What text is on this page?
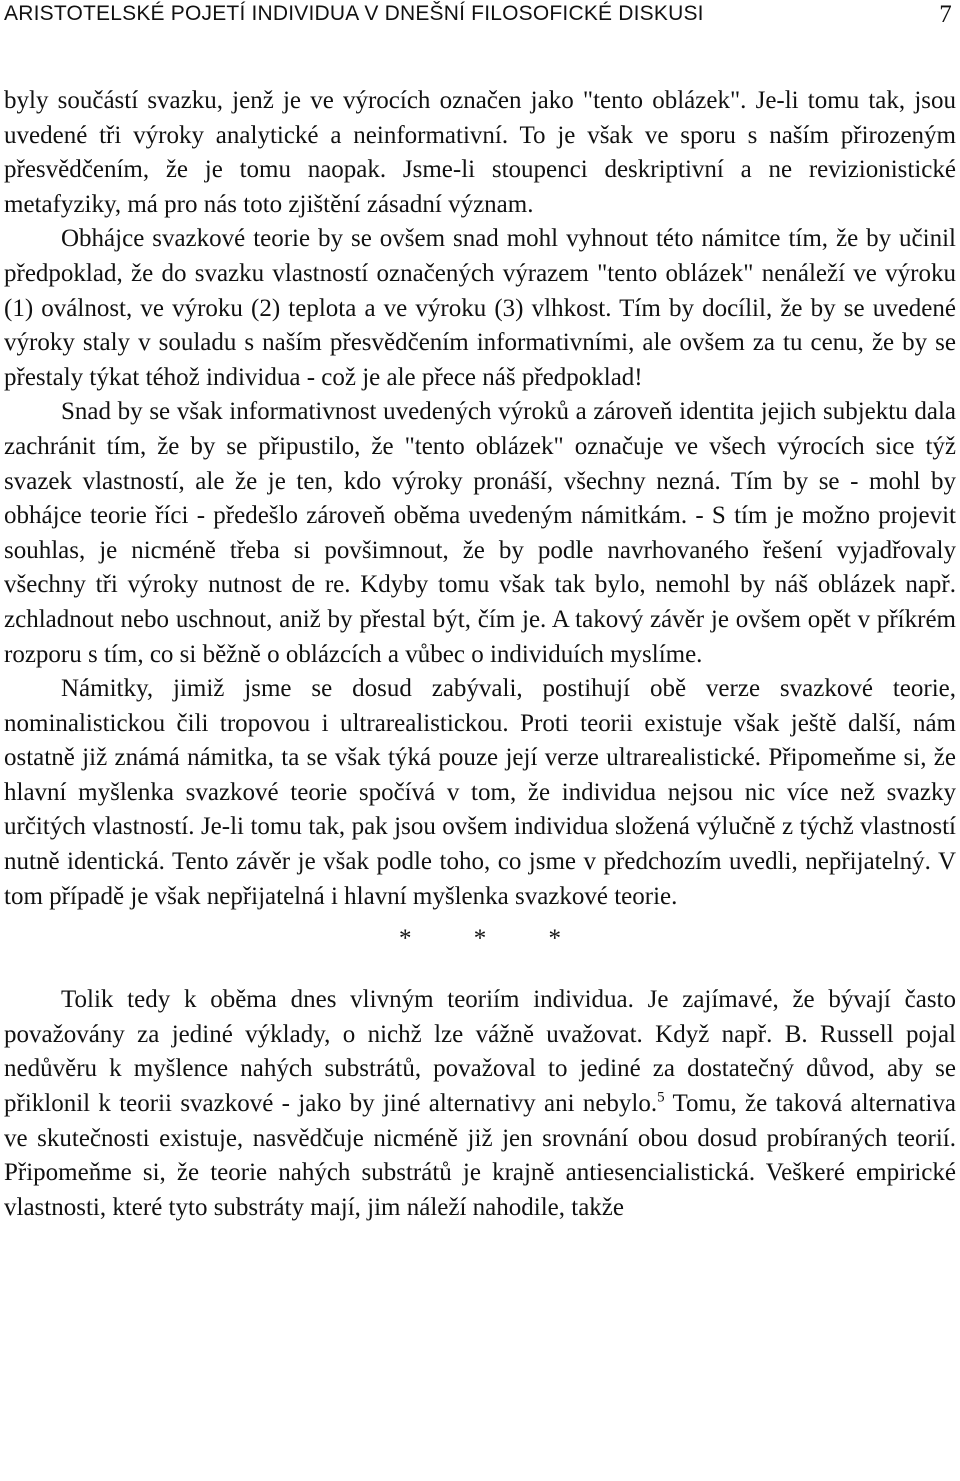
ARISTOTELSKÉ POJETÍ INDIVIDUA V DNEŠNÍ FILOSOFICKÉ DISKUSI	7

byly součástí svazku, jenž je ve výrocích označen jako "tento oblázek". Je-li tomu tak, jsou uvedené tři výroky analytické a neinformativní. To je však ve sporu s naším přirozeným přesvědčením, že je tomu naopak. Jsme-li stoupenci deskriptivní a ne revizionistické metafyziky, má pro nás toto zjištění zásadní význam.

Obhájce svazkové teorie by se ovšem snad mohl vyhnout této námitce tím, že by učinil předpoklad, že do svazku vlastností označených výrazem "tento oblázek" nenáleží ve výroku (1) oválnost, ve výroku (2) teplota a ve výroku (3) vlhkost. Tím by docílil, že by se uvedené výroky staly v souladu s naším přesvědčením informativními, ale ovšem za tu cenu, že by se přestaly týkat téhož individua - což je ale přece náš předpoklad!

Snad by se však informativnost uvedených výroků a zároveň identita jejich subjektu dala zachránit tím, že by se připustilo, že "tento oblázek" označuje ve všech výrocích sice týž svazek vlastností, ale že je ten, kdo výroky pronáší, všechny nezná. Tím by se - mohl by obhájce teorie říci - předešlo zároveň oběma uvedeným námitkám. - S tím je možno projevit souhlas, je nicméně třeba si povšimnout, že by podle navrhovaného řešení vyjadřovaly všechny tři výroky nutnost de re. Kdyby tomu však tak bylo, nemohl by náš oblázek např. zchladnout nebo uschnout, aniž by přestal být, čím je. A takový závěr je ovšem opět v příkrém rozporu s tím, co si běžně o oblázcích a vůbec o individuích myslíme.

Námitky, jimiž jsme se dosud zabývali, postihují obě verze svazkové teorie, nominalistickou čili tropovou i ultrarealistickou. Proti teorii existuje však ještě další, nám ostatně již známá námitka, ta se však týká pouze její verze ultrarealistické. Připomeňme si, že hlavní myšlenka svazkové teorie spočívá v tom, že individua nejsou nic více než svazky určitých vlastností. Je-li tomu tak, pak jsou ovšem individua složená výlučně z týchž vlastností nutně identická. Tento závěr je však podle toho, co jsme v předchozím uvedli, nepřijatelný. V tom případě je však nepřijatelná i hlavní myšlenka svazkové teorie.

* * *

Tolik tedy k oběma dnes vlivným teoriím individua. Je zajímavé, že bývají často považovány za jediné výklady, o nichž lze vážně uvažovat. Když např. B. Russell pojal nedůvěru k myšlence nahých substrátů, považoval to jediné za dostatečný důvod, aby se přiklonil k teorii svazkové - jako by jiné alternativy ani nebylo.$^5$ Tomu, že taková alternativa ve skutečnosti existuje, nasvědčuje nicméně již jen srovnání obou dosud probíraných teorií. Připomeňme si, že teorie nahých substrátů je krajně antiesencialistická. Veškeré empirické vlastnosti, které tyto substráty mají, jim náleží nahodile, takže
